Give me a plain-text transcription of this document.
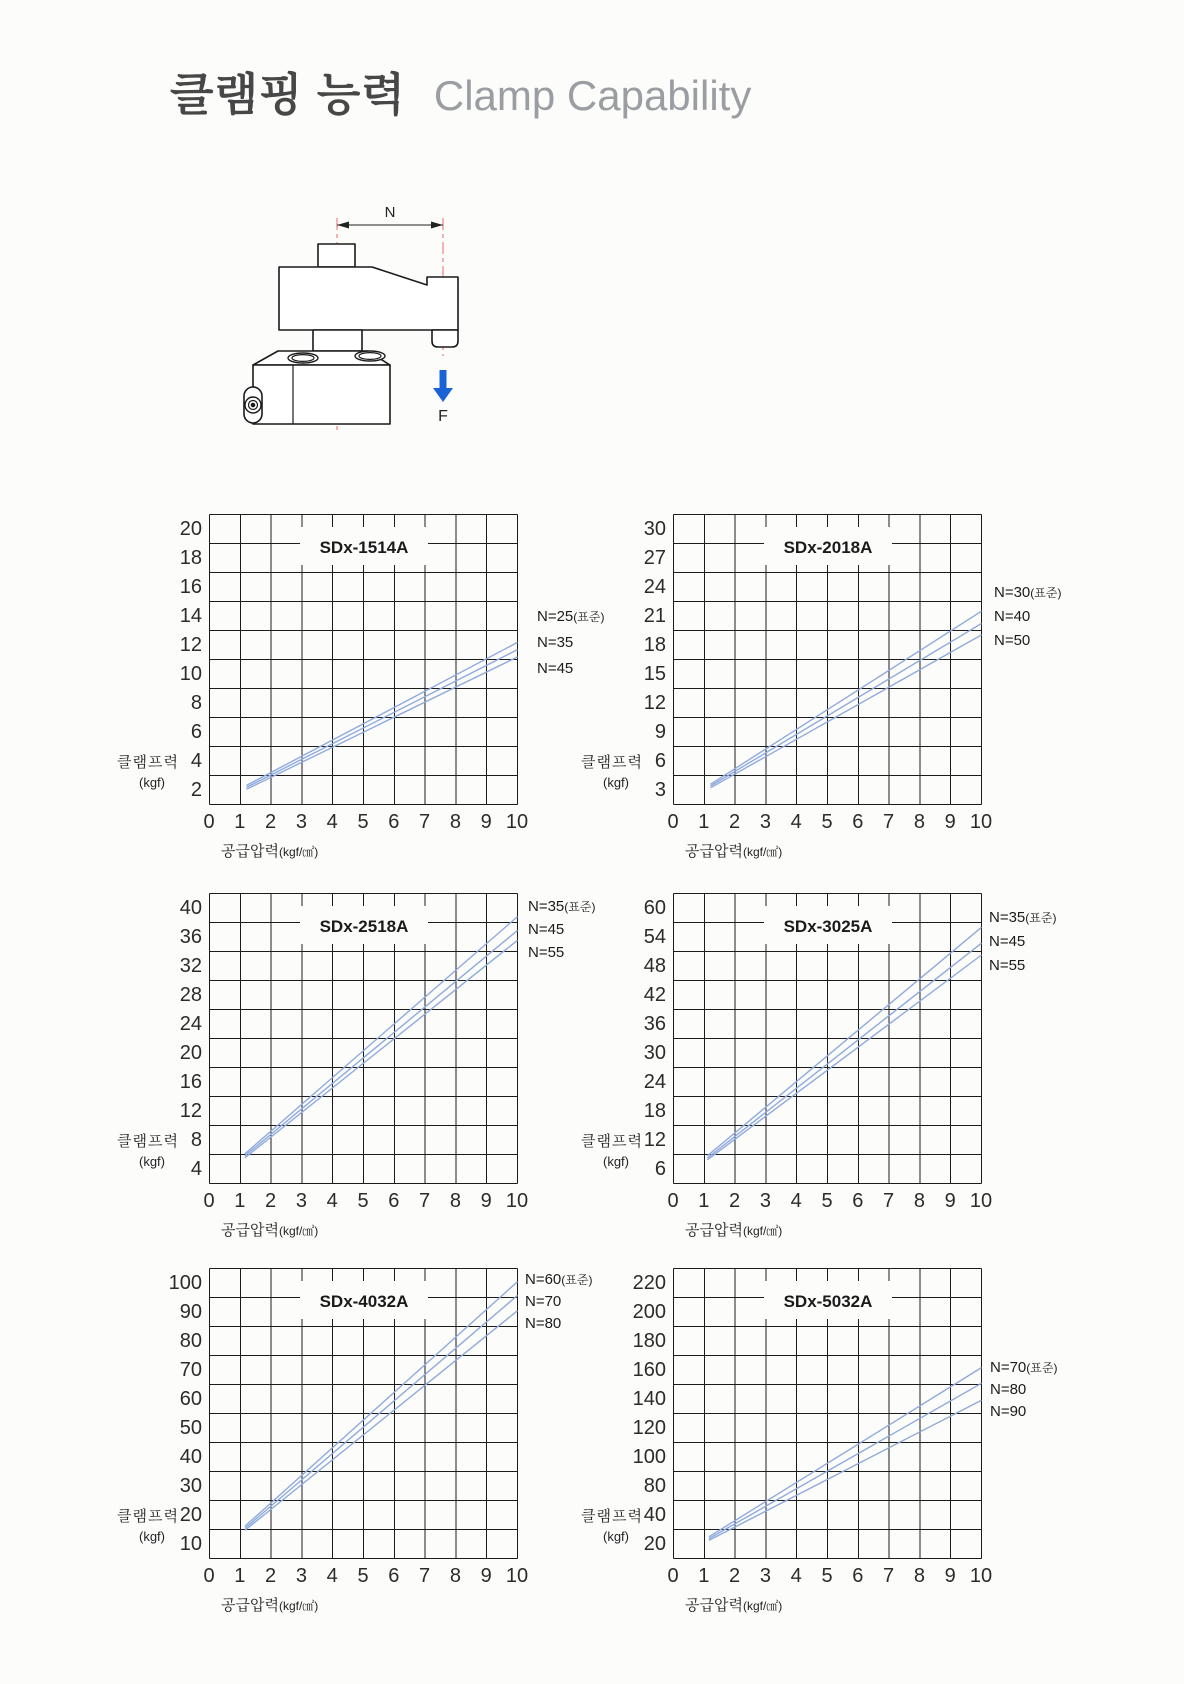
클램핑 능력 Clamp Capability
N
F
SDx-1514A
20
18
16
14
12
10
8
6
4
2
0 1 2 3 4 5 6 7 8 9 10
공급압력(kgf/㎠)
클램프력
(kgf)
N=25(표준)
N=35
N=45
SDx-2018A
30
27
24
21
18
15
12
9
6
3
0 1 2 3 4 5 6 7 8 9 10
공급압력(kgf/㎠)
클램프력
(kgf)
N=30(표준)
N=40
N=50
SDx-2518A
40
36
32
28
24
20
16
12
8
4
0 1 2 3 4 5 6 7 8 9 10
공급압력(kgf/㎠)
클램프력
(kgf)
N=35(표준)
N=45
N=55
SDx-3025A
60
54
48
42
36
30
24
18
12
6
0 1 2 3 4 5 6 7 8 9 10
공급압력(kgf/㎠)
클램프력
(kgf)
N=35(표준)
N=45
N=55
SDx-4032A
100
90
80
70
60
50
40
30
20
10
0 1 2 3 4 5 6 7 8 9 10
공급압력(kgf/㎠)
클램프력
(kgf)
N=60(표준)
N=70
N=80
SDx-5032A
220
200
180
160
140
120
100
80
40
20
0 1 2 3 4 5 6 7 8 9 10
공급압력(kgf/㎠)
클램프력
(kgf)
N=70(표준)
N=80
N=90
